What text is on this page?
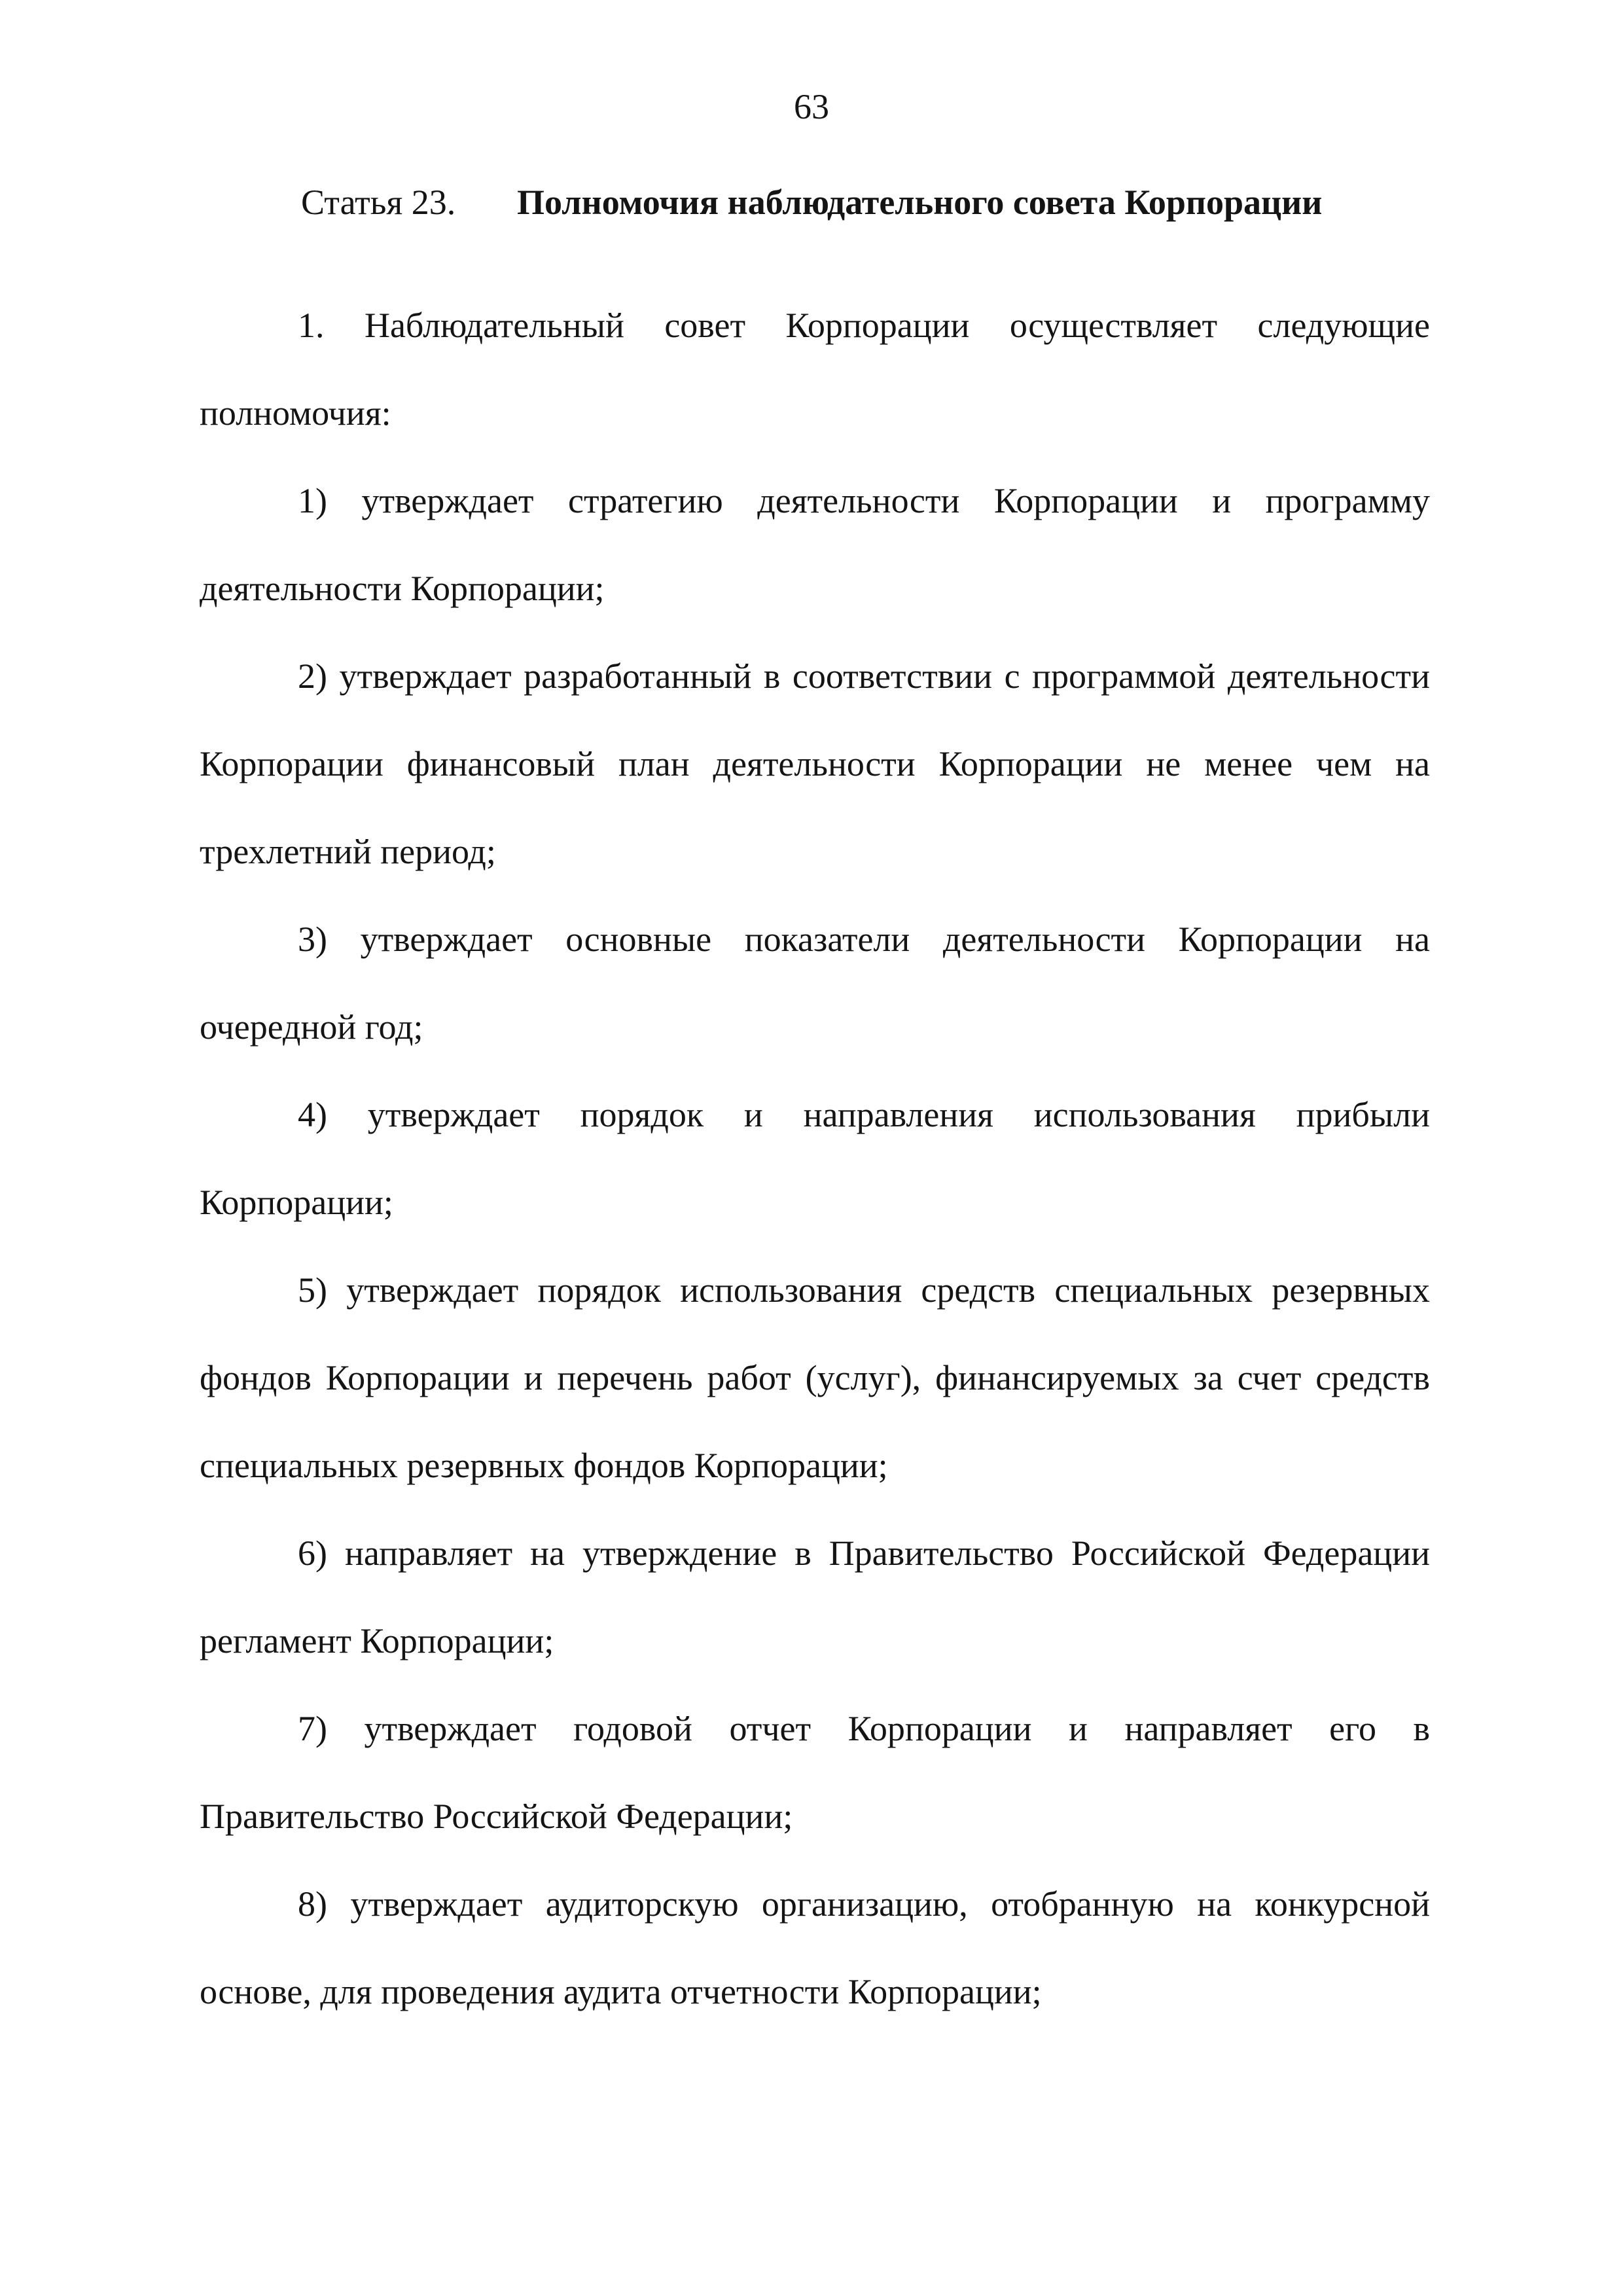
63
Статья 23. Полномочия наблюдательного совета Корпорации

1. Наблюдательный совет Корпорации осуществляет следующие полномочия:

1) утверждает стратегию деятельности Корпорации и программу деятельности Корпорации;

2) утверждает разработанный в соответствии с программой деятельности Корпорации финансовый план деятельности Корпорации не менее чем на трехлетний период;

3) утверждает основные показатели деятельности Корпорации на очередной год;

4) утверждает порядок и направления использования прибыли Корпорации;

5) утверждает порядок использования средств специальных резервных фондов Корпорации и перечень работ (услуг), финансируемых за счет средств специальных резервных фондов Корпорации;

6) направляет на утверждение в Правительство Российской Федерации регламент Корпорации;

7) утверждает годовой отчет Корпорации и направляет его в Правительство Российской Федерации;

8) утверждает аудиторскую организацию, отобранную на конкурсной основе, для проведения аудита отчетности Корпорации;
